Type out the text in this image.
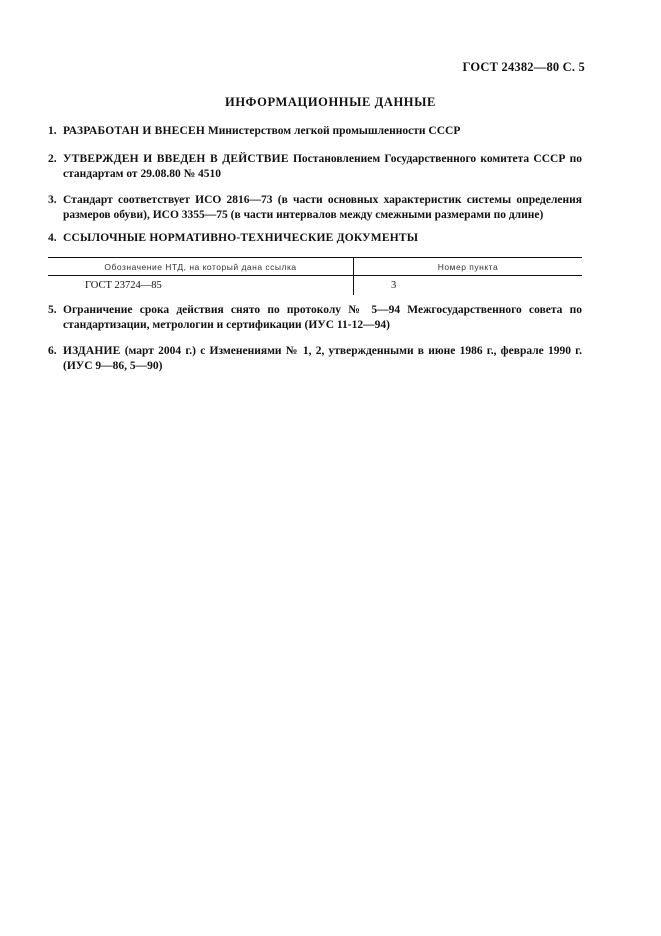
ГОСТ 24382—80 С. 5
ИНФОРМАЦИОННЫЕ ДАННЫЕ
1. РАЗРАБОТАН И ВНЕСЕН Министерством легкой промышленности СССР
2. УТВЕРЖДЕН И ВВЕДЕН В ДЕЙСТВИЕ Постановлением Государственного комитета СССР по стандартам от 29.08.80 № 4510
3. Стандарт соответствует ИСО 2816—73 (в части основных характеристик системы определения размеров обуви), ИСО 3355—75 (в части интервалов между смежными размерами по длине)
4. ССЫЛОЧНЫЕ НОРМАТИВНО-ТЕХНИЧЕСКИЕ ДОКУМЕНТЫ
Обозначение НТД, на который дана ссылка	Номер пункта
ГОСТ 23724—85	3
5. Ограничение срока действия снято по протоколу № 5—94 Межгосударственного совета по стандартизации, метрологии и сертификации (ИУС 11-12—94)
6. ИЗДАНИЕ (март 2004 г.) с Изменениями № 1, 2, утвержденными в июне 1986 г., феврале 1990 г. (ИУС 9—86, 5—90)
